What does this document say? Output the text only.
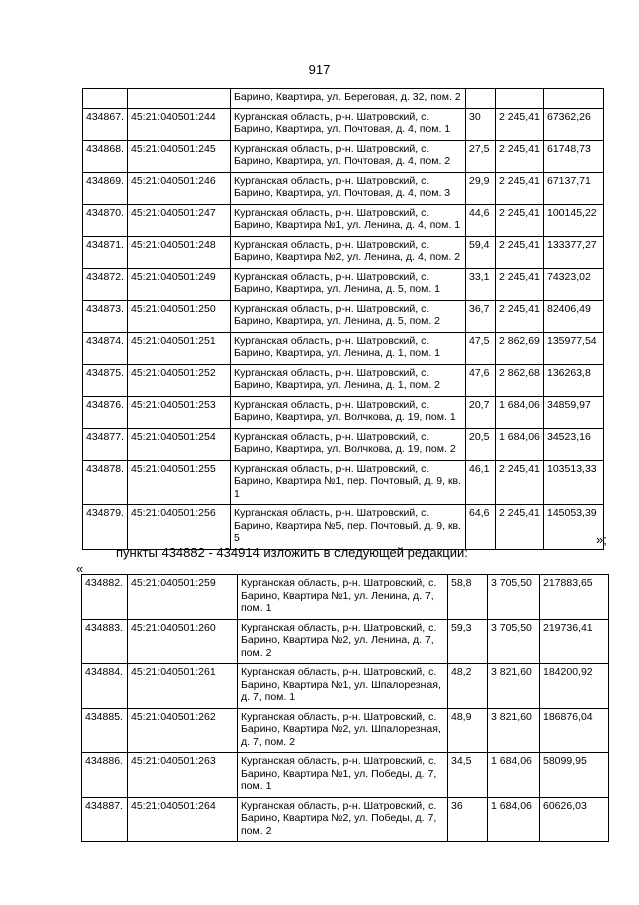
917
		Барино, Квартира, ул. Береговая, д. 32, пом. 2			
434867.	45:21:040501:244	Курганская область, р-н. Шатровский, с. Барино, Квартира, ул. Почтовая, д. 4, пом. 1	30	2 245,41	67362,26
434868.	45:21:040501:245	Курганская область, р-н. Шатровский, с. Барино, Квартира, ул. Почтовая, д. 4, пом. 2	27,5	2 245,41	61748,73
434869.	45:21:040501:246	Курганская область, р-н. Шатровский, с. Барино, Квартира, ул. Почтовая, д. 4, пом. 3	29,9	2 245,41	67137,71
434870.	45:21:040501:247	Курганская область, р-н. Шатровский, с. Барино, Квартира №1, ул. Ленина, д. 4, пом. 1	44,6	2 245,41	100145,22
434871.	45:21:040501:248	Курганская область, р-н. Шатровский, с. Барино, Квартира №2, ул. Ленина, д. 4, пом. 2	59,4	2 245,41	133377,27
434872.	45:21:040501:249	Курганская область, р-н. Шатровский, с. Барино, Квартира, ул. Ленина, д. 5, пом. 1	33,1	2 245,41	74323,02
434873.	45:21:040501:250	Курганская область, р-н. Шатровский, с. Барино, Квартира, ул. Ленина, д. 5, пом. 2	36,7	2 245,41	82406,49
434874.	45:21:040501:251	Курганская область, р-н. Шатровский, с. Барино, Квартира, ул. Ленина, д. 1, пом. 1	47,5	2 862,69	135977,54
434875.	45:21:040501:252	Курганская область, р-н. Шатровский, с. Барино, Квартира, ул. Ленина, д. 1, пом. 2	47,6	2 862,68	136263,8
434876.	45:21:040501:253	Курганская область, р-н. Шатровский, с. Барино, Квартира, ул. Волчкова, д. 19, пом. 1	20,7	1 684,06	34859,97
434877.	45:21:040501:254	Курганская область, р-н. Шатровский, с. Барино, Квартира, ул. Волчкова, д. 19, пом. 2	20,5	1 684,06	34523,16
434878.	45:21:040501:255	Курганская область, р-н. Шатровский, с. Барино, Квартира №1, пер. Почтовый, д. 9, кв. 1	46,1	2 245,41	103513,33
434879.	45:21:040501:256	Курганская область, р-н. Шатровский, с. Барино, Квартира №5, пер. Почтовый, д. 9, кв. 5	64,6	2 245,41	145053,39
»;
пункты 434882 - 434914 изложить в следующей редакции:
«
434882.	45:21:040501:259	Курганская область, р-н. Шатровский, с. Барино, Квартира №1, ул. Ленина, д. 7, пом. 1	58,8	3 705,50	217883,65
434883.	45:21:040501:260	Курганская область, р-н. Шатровский, с. Барино, Квартира №2, ул. Ленина, д. 7, пом. 2	59,3	3 705,50	219736,41
434884.	45:21:040501:261	Курганская область, р-н. Шатровский, с. Барино, Квартира №1, ул. Шпалорезная, д. 7, пом. 1	48,2	3 821,60	184200,92
434885.	45:21:040501:262	Курганская область, р-н. Шатровский, с. Барино, Квартира №2, ул. Шпалорезная, д. 7, пом. 2	48,9	3 821,60	186876,04
434886.	45:21:040501:263	Курганская область, р-н. Шатровский, с. Барино, Квартира №1, ул. Победы, д. 7, пом. 1	34,5	1 684,06	58099,95
434887.	45:21:040501:264	Курганская область, р-н. Шатровский, с. Барино, Квартира №2, ул. Победы, д. 7, пом. 2	36	1 684,06	60626,03
